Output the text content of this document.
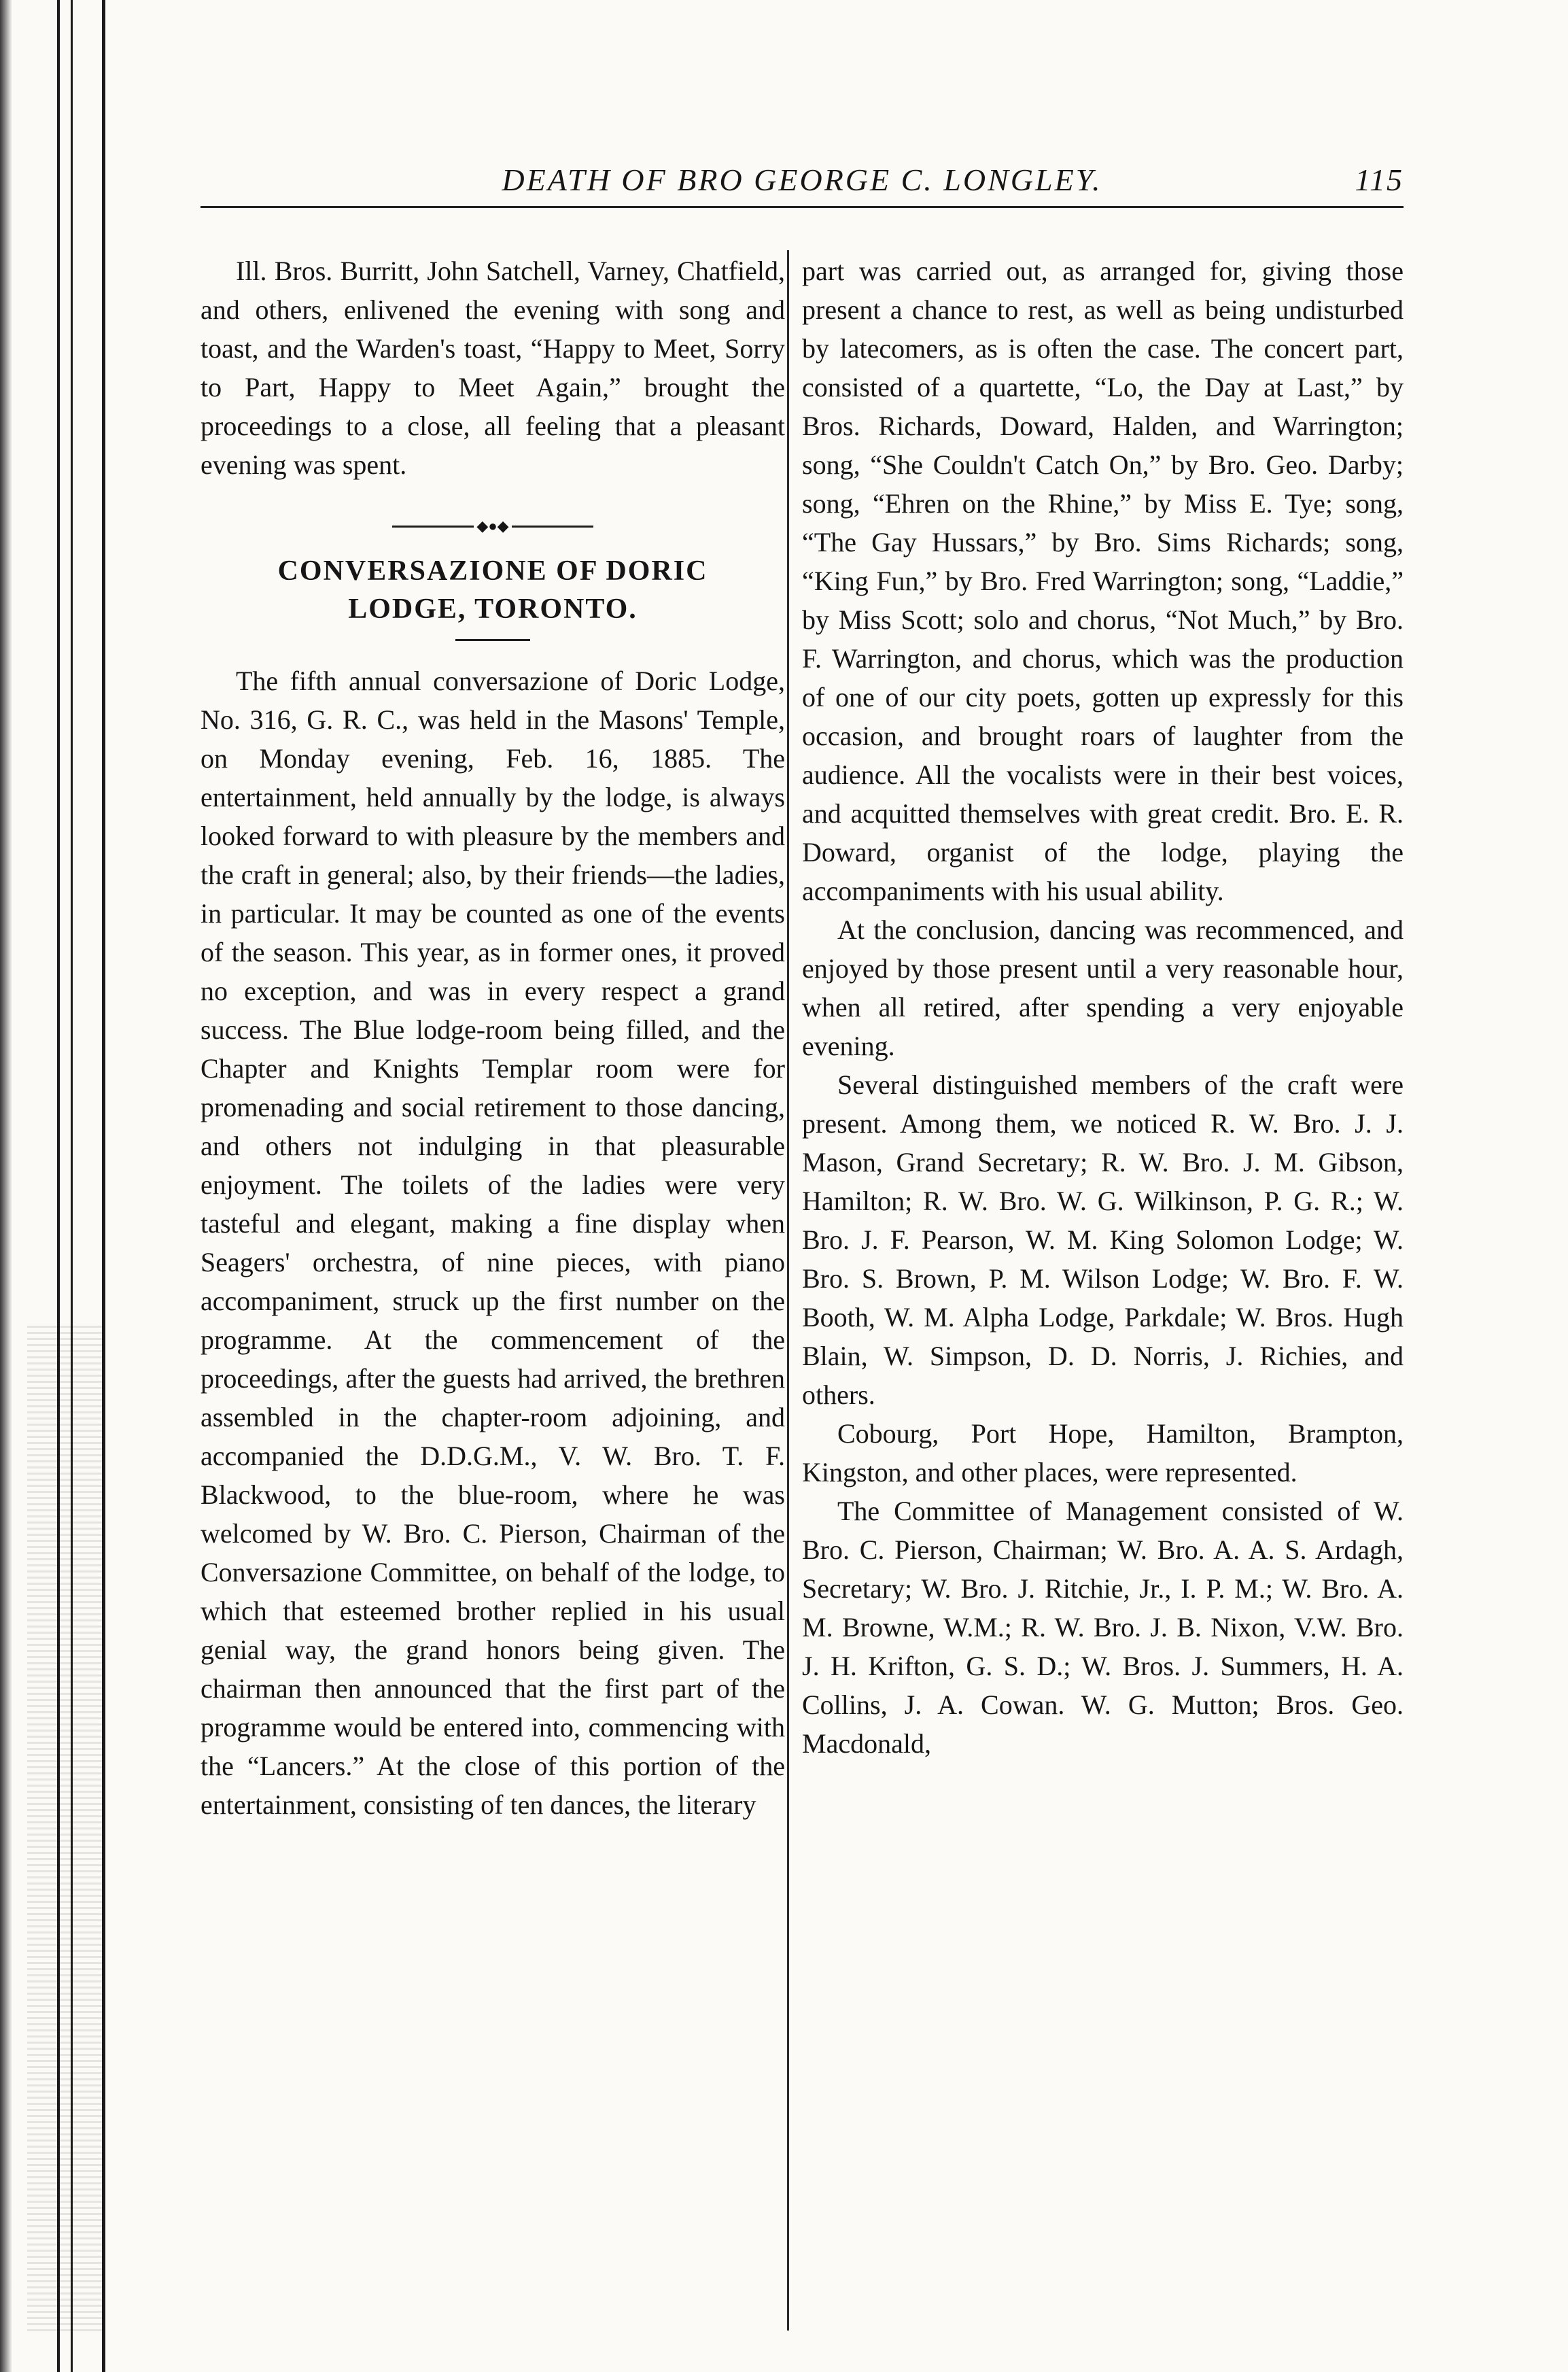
DEATH OF BRO GEORGE C. LONGLEY.	115

Ill. Bros. Burritt, John Satchell, Varney, Chatfield, and others, enlivened the evening with song and toast, and the Warden's toast, “Happy to Meet, Sorry to Part, Happy to Meet Again,” brought the proceedings to a close, all feeling that a pleasant evening was spent.

◆●◆
CONVERSAZIONE OF DORIC
LODGE, TORONTO.

The fifth annual conversazione of Doric Lodge, No. 316, G. R. C., was held in the Masons' Temple, on Monday evening, Feb. 16, 1885. The entertainment, held annually by the lodge, is always looked forward to with pleasure by the members and the craft in general; also, by their friends—the ladies, in particular. It may be counted as one of the events of the season. This year, as in former ones, it proved no exception, and was in every respect a grand success. The Blue lodge-room being filled, and the Chapter and Knights Templar room were for promenading and social retirement to those dancing, and others not indulging in that pleasurable enjoyment. The toilets of the ladies were very tasteful and elegant, making a fine display when Seagers' orchestra, of nine pieces, with piano accompaniment, struck up the first number on the programme. At the commencement of the proceedings, after the guests had arrived, the brethren assembled in the chapter-room adjoining, and accompanied the D.D.G.M., V. W. Bro. T. F. Blackwood, to the blue-room, where he was welcomed by W. Bro. C. Pierson, Chairman of the Conversazione Committee, on behalf of the lodge, to which that esteemed brother replied in his usual genial way, the grand honors being given. The chairman then announced that the first part of the programme would be entered into, commencing with the “Lancers.” At the close of this portion of the entertainment, consisting of ten dances, the literary

part was carried out, as arranged for, giving those present a chance to rest, as well as being undisturbed by latecomers, as is often the case. The concert part, consisted of a quartette, “Lo, the Day at Last,” by Bros. Richards, Doward, Halden, and Warrington; song, “She Couldn't Catch On,” by Bro. Geo. Darby; song, “Ehren on the Rhine,” by Miss E. Tye; song, “The Gay Hussars,” by Bro. Sims Richards; song, “King Fun,” by Bro. Fred Warrington; song, “Laddie,” by Miss Scott; solo and chorus, “Not Much,” by Bro. F. Warrington, and chorus, which was the production of one of our city poets, gotten up expressly for this occasion, and brought roars of laughter from the audience. All the vocalists were in their best voices, and acquitted themselves with great credit. Bro. E. R. Doward, organist of the lodge, playing the accompaniments with his usual ability.

At the conclusion, dancing was recommenced, and enjoyed by those present until a very reasonable hour, when all retired, after spending a very enjoyable evening.

Several distinguished members of the craft were present. Among them, we noticed R. W. Bro. J. J. Mason, Grand Secretary; R. W. Bro. J. M. Gibson, Hamilton; R. W. Bro. W. G. Wilkinson, P. G. R.; W. Bro. J. F. Pearson, W. M. King Solomon Lodge; W. Bro. S. Brown, P. M. Wilson Lodge; W. Bro. F. W. Booth, W. M. Alpha Lodge, Parkdale; W. Bros. Hugh Blain, W. Simpson, D. D. Norris, J. Richies, and others.

Cobourg, Port Hope, Hamilton, Brampton, Kingston, and other places, were represented.

The Committee of Management consisted of W. Bro. C. Pierson, Chairman; W. Bro. A. A. S. Ardagh, Secretary; W. Bro. J. Ritchie, Jr., I. P. M.; W. Bro. A. M. Browne, W.M.; R. W. Bro. J. B. Nixon, V.W. Bro. J. H. Krifton, G. S. D.; W. Bros. J. Summers, H. A. Collins, J. A. Cowan. W. G. Mutton; Bros. Geo. Macdonald,
